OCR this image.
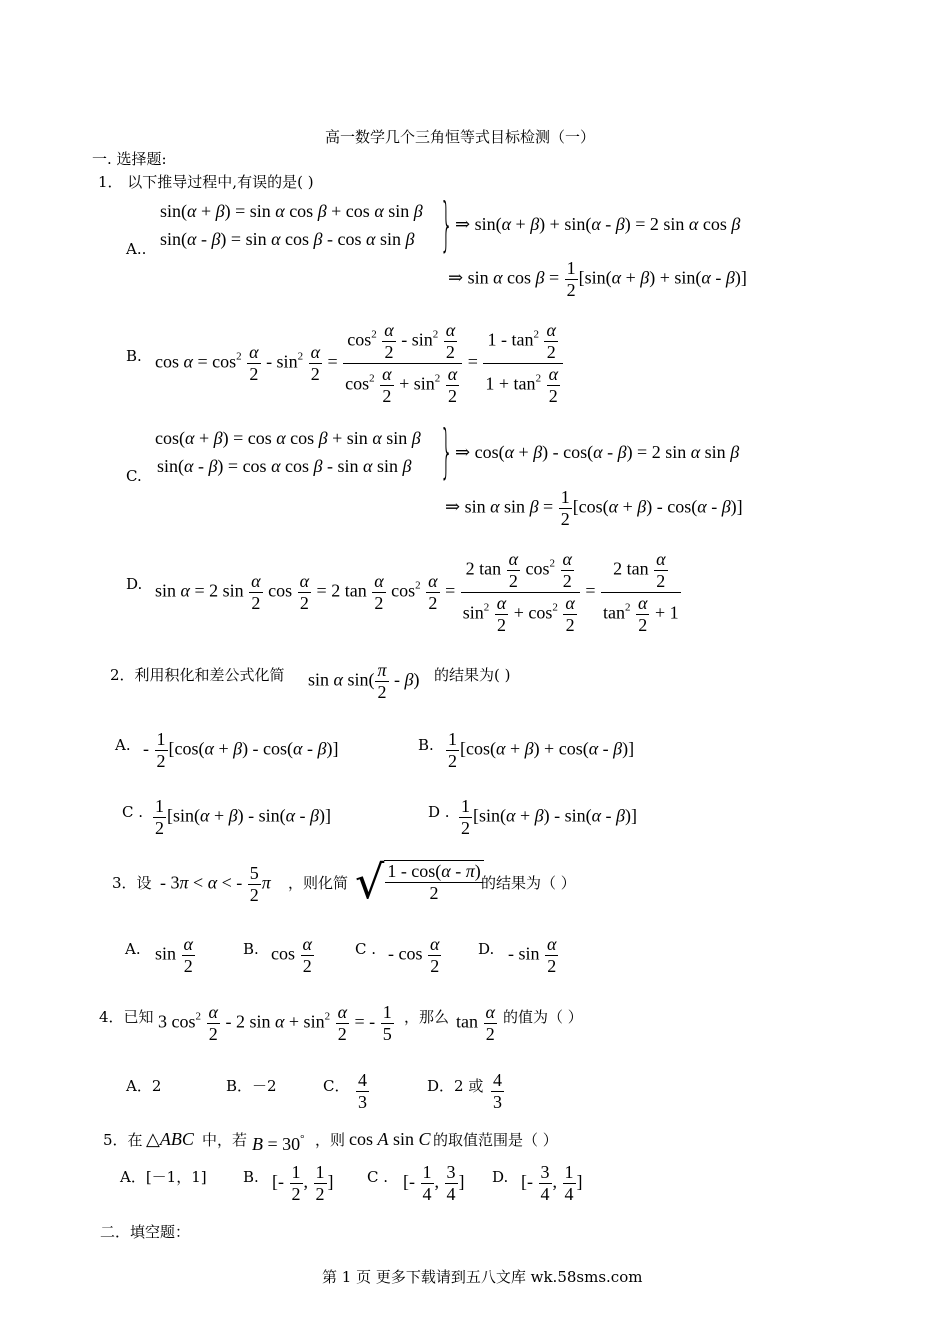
高一数学几个三角恒等式目标检测（一）
一. 选择题:
1． 以下推导过程中,有误的是( )
A..
sin(α + β) = sin α cos β + cos α sin β
sin(α - β) = sin α cos β - cos α sin β } ⇒ sin(α + β) + sin(α - β) = 2 sin α cos β
⇒ sin α $\cos \beta = \frac{1}{2} [\sin(\alpha + \beta) + \sin(\alpha - \beta)]$
B. $\cos \alpha = \cos^2 \frac{\alpha}{2} - \sin^2 \frac{\alpha}{2} = \frac{\cos^2 \frac{\alpha}{2} - \sin^2 \frac{\alpha}{2}}{\cos^2 \frac{\alpha}{2} + \sin^2 \frac{\alpha}{2}} = \frac{1 - \tan^2 \frac{\alpha}{2}}{1 + \tan^2 \frac{\alpha}{2}}$
C.
cos(α + β) = cos α cos β + sin α sin β
sin(α - β) = cos α cos β - sin α sin β } ⇒ cos(α + β) - cos(α - β) = 2 sin α sin β
⇒ sin α $\sin \beta = \frac{1}{2} [\cos(\alpha + \beta) - \cos(\alpha - \beta)]$
D. sin α = 2 $\sin \frac{\alpha}{2}$ $\cos \frac{\alpha}{2} = 2$ $\tan \frac{\alpha}{2} \cos^2 \frac{\alpha}{2} = \frac{2 \tan \frac{\alpha}{2} \cos^2 \frac{\alpha}{2}}{\sin^2 \frac{\alpha}{2} + \cos^2 \frac{\alpha}{2}} = \frac{2 \tan \frac{\alpha}{2}}{\tan^2 \frac{\alpha}{2} + 1}$
2．利用积化和差公式化简 sin α $\sin( \frac{\pi}{2} - \beta)$ 的结果为( )
A. - $\frac{1}{2} [\cos(\alpha + \beta) - \cos(\alpha - \beta)]$	B. $\frac{1}{2} [\cos(\alpha + \beta) + \cos(\alpha - \beta)]$
C . $\frac{1}{2} [\sin(\alpha + \beta) - \sin(\alpha - \beta)]$	D . $\frac{1}{2} [\sin(\alpha + \beta) - \sin(\alpha - \beta)]$
3．设 - 3π < α < - $\frac{5}{2}$ π ，则化简 √ $\frac{1 - \cos(\alpha - \pi)}{2}$
的结果为（ ）
A. $\sin \frac{\alpha}{2}$	B. $\cos \frac{\alpha}{2}$	C . - $\cos \frac{\alpha}{2} D$. - $\sin \frac{\alpha}{2}$
4．已知 3 $\cos^2 \frac{\alpha}{2} - 2$ $\sin \alpha + \sin^2 \frac{\alpha}{2}$ = - $\frac{1}{5}$ ，那么 $\tan \frac{\alpha}{2}$ 的值为（ ）
A．2	B．－2	C． $\frac{4}{3}$	D．2 或 $\frac{4}{3}$
5．在 △ABC 中，若 B = 30° ，则 cos A sin C 的取值范围是（ ）
A．[－1，1] B. [- $\frac{1}{2}$ , $\frac{1}{2}$ ] C . [- $\frac{1}{4}$ , $\frac{3}{4}$ ] D. [- $\frac{3}{4}$ , $\frac{1}{4}$ ]
二．填空题：
第 1 页 更多下载请到五八文库 wk.58sms.com
